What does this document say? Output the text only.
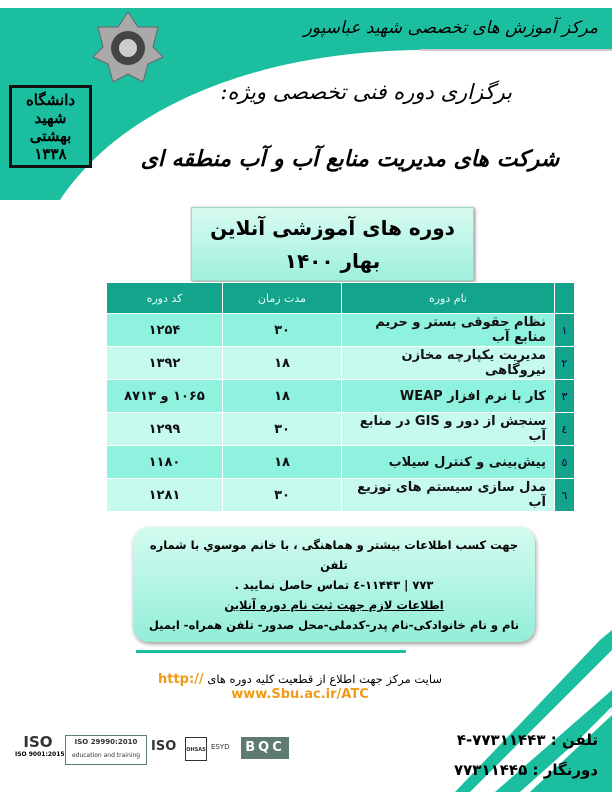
مرکز آموزش های تخصصی شهید عباسپور
برگزاری دوره فنی تخصصی ویژه:
شرکت های مدیریت منابع آب و آب منطقه ای
دانشگاه شهید بهشتی ۱۳۳۸
دوره های آموزشی آنلاین
بهار ۱۴۰۰
	نام دوره	مدت زمان	کد دوره
۱	نظام حقوقی بستر و حریم منابع آب	۳۰	۱۲۵۴
۲	مدیریت یکپارچه مخازن نیروگاهی	۱۸	۱۳۹۲
۳	کار با نرم افزار WEAP	۱۸	۱۰۶۵ و ۸۷۱۳
٤	سنجش از دور و GIS در منابع آب	۳۰	۱۲۹۹
٥	پیش‌بینی و کنترل سیلاب	۱۸	۱۱۸۰
٦	مدل سازی سیستم های توزیع آب	۳۰	۱۲۸۱
جهت کسب اطلاعات بیشتر و هماهنگی ، با خانم موسوي با شماره تلفن
۷۷۳ | ۱۱۴۴۳-٤ تماس حاصل نمایید .
اطلاعات لازم جهت ثبت نام دوره آنلاین
نام و نام خانوادکی-نام پدر-کدملی-محل صدور- تلفن همراه- ایمیل
سایت مرکز جهت اطلاع از قطعیت کلیه دوره های http:// www.Sbu.ac.ir/ATC
تلفن : ۷۷۳۱۱۴۴۳-۴
دورنگار : ۷۷۳۱۱۴۴۵
ISO
ISO 9001:2015
ISO 29990:2010
education and training
ISO OHSAS ESYD	BQC
